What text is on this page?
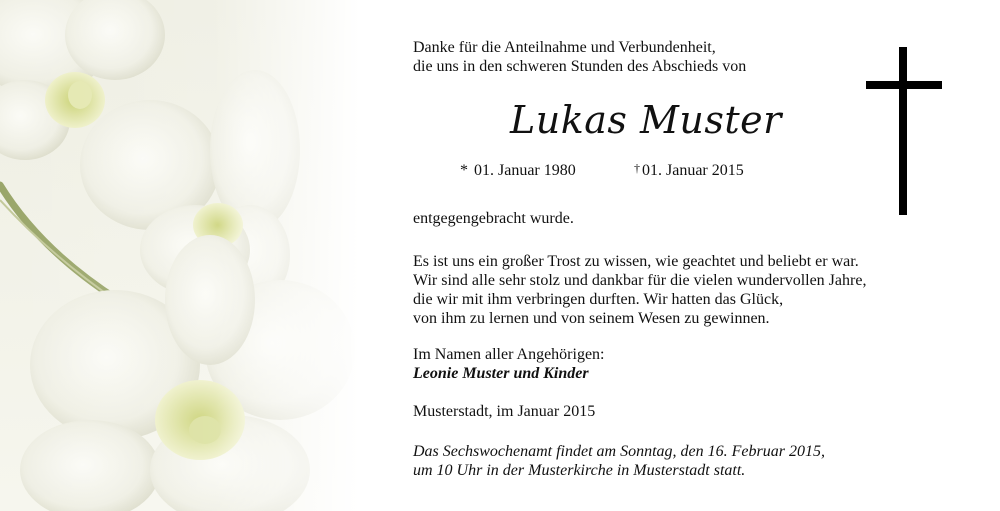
Danke für die Anteilnahme und Verbundenheit,
die uns in den schweren Stunden des Abschieds von
Lukas Muster
* 01. Januar 1980	† 01. Januar 2015
entgegengebracht wurde.
Es ist uns ein großer Trost zu wissen, wie geachtet und beliebt er war.
Wir sind alle sehr stolz und dankbar für die vielen wundervollen Jahre,
die wir mit ihm verbringen durften. Wir hatten das Glück,
von ihm zu lernen und von seinem Wesen zu gewinnen.
Im Namen aller Angehörigen:
Leonie Muster und Kinder
Musterstadt, im Januar 2015
Das Sechswochenamt findet am Sonntag, den 16. Februar 2015,
um 10 Uhr in der Musterkirche in Musterstadt statt.
